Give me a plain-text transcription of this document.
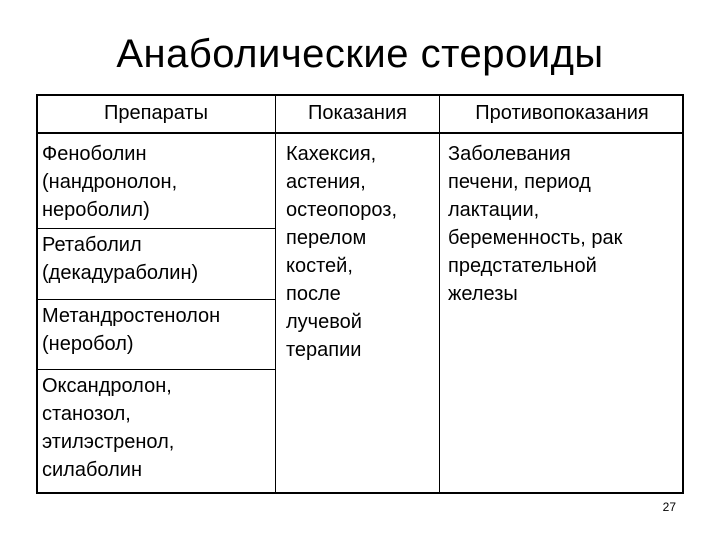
Анаболические стероиды
Препараты	Показания	Противопоказания
Феноболин
(нандронолон,
нероболил)
Ретаболил
(декадураболин)
Метандростенолон
(неробол)
Оксандролон,
станозол,
этилэстренол,
силаболин
Кахексия,
астения,
остеопороз,
перелом
костей,
после
лучевой
терапии
Заболевания
печени, период
лактации,
беременность, рак
предстательной
железы
27
